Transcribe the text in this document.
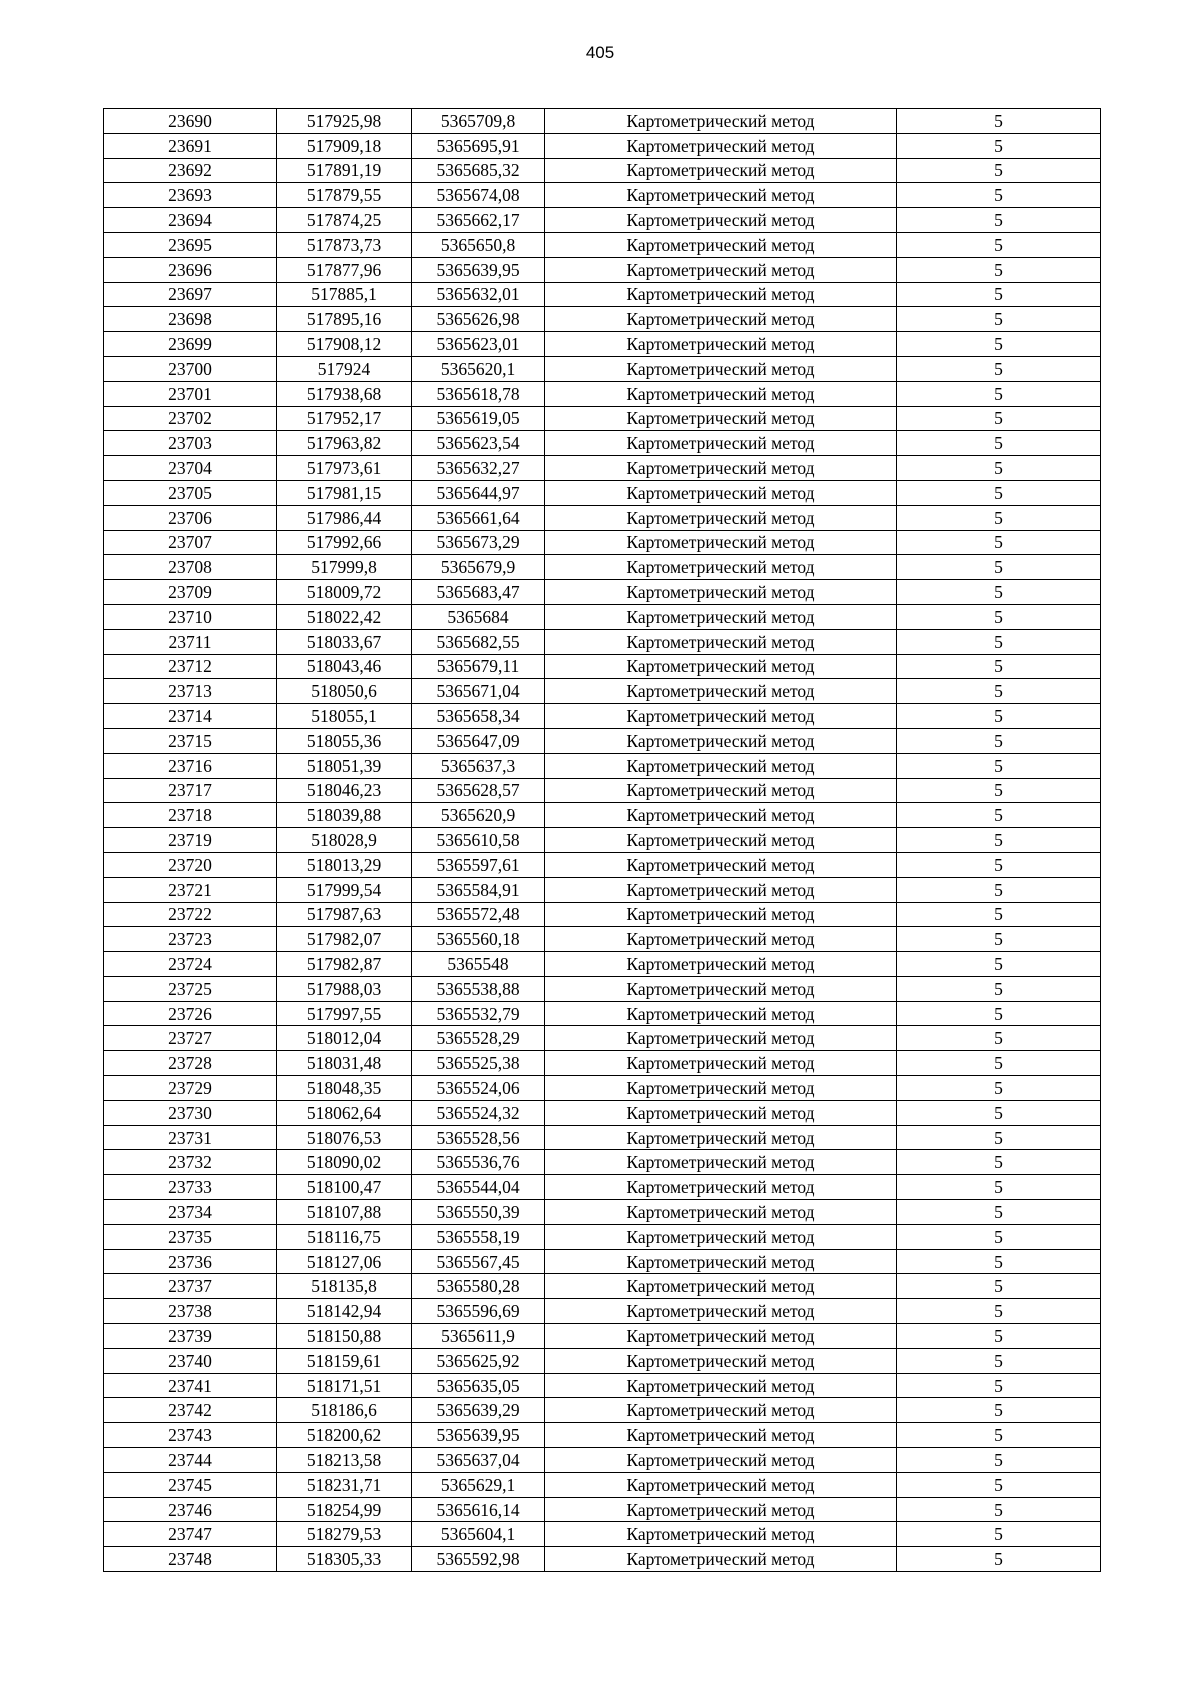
405
23690	517925,98	5365709,8	Картометрический метод	5
23691	517909,18	5365695,91	Картометрический метод	5
23692	517891,19	5365685,32	Картометрический метод	5
23693	517879,55	5365674,08	Картометрический метод	5
23694	517874,25	5365662,17	Картометрический метод	5
23695	517873,73	5365650,8	Картометрический метод	5
23696	517877,96	5365639,95	Картометрический метод	5
23697	517885,1	5365632,01	Картометрический метод	5
23698	517895,16	5365626,98	Картометрический метод	5
23699	517908,12	5365623,01	Картометрический метод	5
23700	517924	5365620,1	Картометрический метод	5
23701	517938,68	5365618,78	Картометрический метод	5
23702	517952,17	5365619,05	Картометрический метод	5
23703	517963,82	5365623,54	Картометрический метод	5
23704	517973,61	5365632,27	Картометрический метод	5
23705	517981,15	5365644,97	Картометрический метод	5
23706	517986,44	5365661,64	Картометрический метод	5
23707	517992,66	5365673,29	Картометрический метод	5
23708	517999,8	5365679,9	Картометрический метод	5
23709	518009,72	5365683,47	Картометрический метод	5
23710	518022,42	5365684	Картометрический метод	5
23711	518033,67	5365682,55	Картометрический метод	5
23712	518043,46	5365679,11	Картометрический метод	5
23713	518050,6	5365671,04	Картометрический метод	5
23714	518055,1	5365658,34	Картометрический метод	5
23715	518055,36	5365647,09	Картометрический метод	5
23716	518051,39	5365637,3	Картометрический метод	5
23717	518046,23	5365628,57	Картометрический метод	5
23718	518039,88	5365620,9	Картометрический метод	5
23719	518028,9	5365610,58	Картометрический метод	5
23720	518013,29	5365597,61	Картометрический метод	5
23721	517999,54	5365584,91	Картометрический метод	5
23722	517987,63	5365572,48	Картометрический метод	5
23723	517982,07	5365560,18	Картометрический метод	5
23724	517982,87	5365548	Картометрический метод	5
23725	517988,03	5365538,88	Картометрический метод	5
23726	517997,55	5365532,79	Картометрический метод	5
23727	518012,04	5365528,29	Картометрический метод	5
23728	518031,48	5365525,38	Картометрический метод	5
23729	518048,35	5365524,06	Картометрический метод	5
23730	518062,64	5365524,32	Картометрический метод	5
23731	518076,53	5365528,56	Картометрический метод	5
23732	518090,02	5365536,76	Картометрический метод	5
23733	518100,47	5365544,04	Картометрический метод	5
23734	518107,88	5365550,39	Картометрический метод	5
23735	518116,75	5365558,19	Картометрический метод	5
23736	518127,06	5365567,45	Картометрический метод	5
23737	518135,8	5365580,28	Картометрический метод	5
23738	518142,94	5365596,69	Картометрический метод	5
23739	518150,88	5365611,9	Картометрический метод	5
23740	518159,61	5365625,92	Картометрический метод	5
23741	518171,51	5365635,05	Картометрический метод	5
23742	518186,6	5365639,29	Картометрический метод	5
23743	518200,62	5365639,95	Картометрический метод	5
23744	518213,58	5365637,04	Картометрический метод	5
23745	518231,71	5365629,1	Картометрический метод	5
23746	518254,99	5365616,14	Картометрический метод	5
23747	518279,53	5365604,1	Картометрический метод	5
23748	518305,33	5365592,98	Картометрический метод	5
